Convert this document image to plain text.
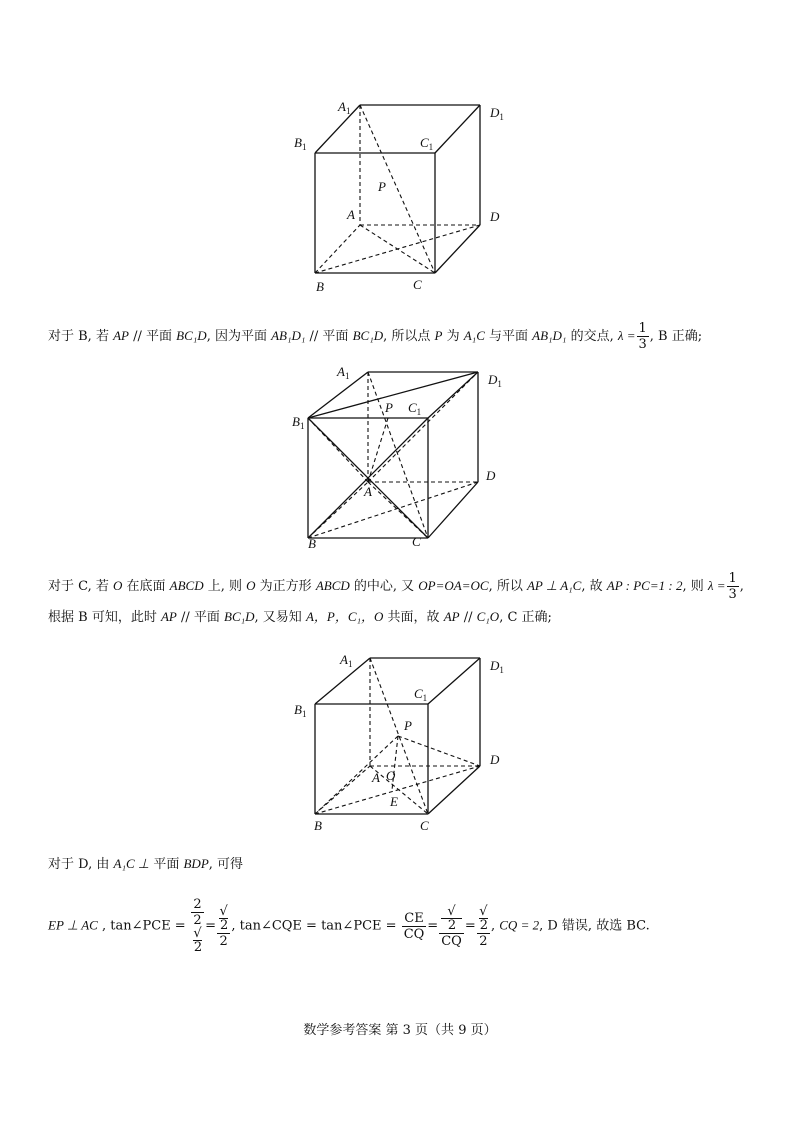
$A_1$	$D_1$
$B_1$	$C_1$
P
A	D
B	C
对于 B, 若 AP // 平面 BC₁D, 因为平面 AB₁D₁ // 平面 BC₁D, 所以点 P 为 A₁C 与平面 AB₁D₁ 的交点, $\lambda = \frac{1}{3}$ , B 正确;
$A_1$	$D_1$
$B_1$
$C_1$
P
A
D
B	C
对于 C, 若 O 在底面 ABCD 上, 则 O 为正方形 ABCD 的中心, 又 OP=OA=OC, 所以 AP ⊥ A₁C, 故 AP : PC=1 : 2, 则 $\lambda = \frac{1}{3}$ ,
根据 B 可知，此时 AP // 平面 BC₁D, 又易知 A，P，C₁，O 共面，故 AP // C₁O, C 正确;
$A_1$	$D_1$
$B_1$
$C_1$
P
A O
E
D
B	C
对于 D, 由 A₁C ⊥ 平面 BDP, 可得
EP ⊥ AC , tan∠PCE = 2
2
√
2 = √
2
2 , tan∠CQE = tan∠PCE = $\frac{CE}{CQ}$ = √
2
CQ = √
2
2 , CQ = 2, D 错误, 故选 BC.
数学参考答案 第 3 页（共 9 页）
